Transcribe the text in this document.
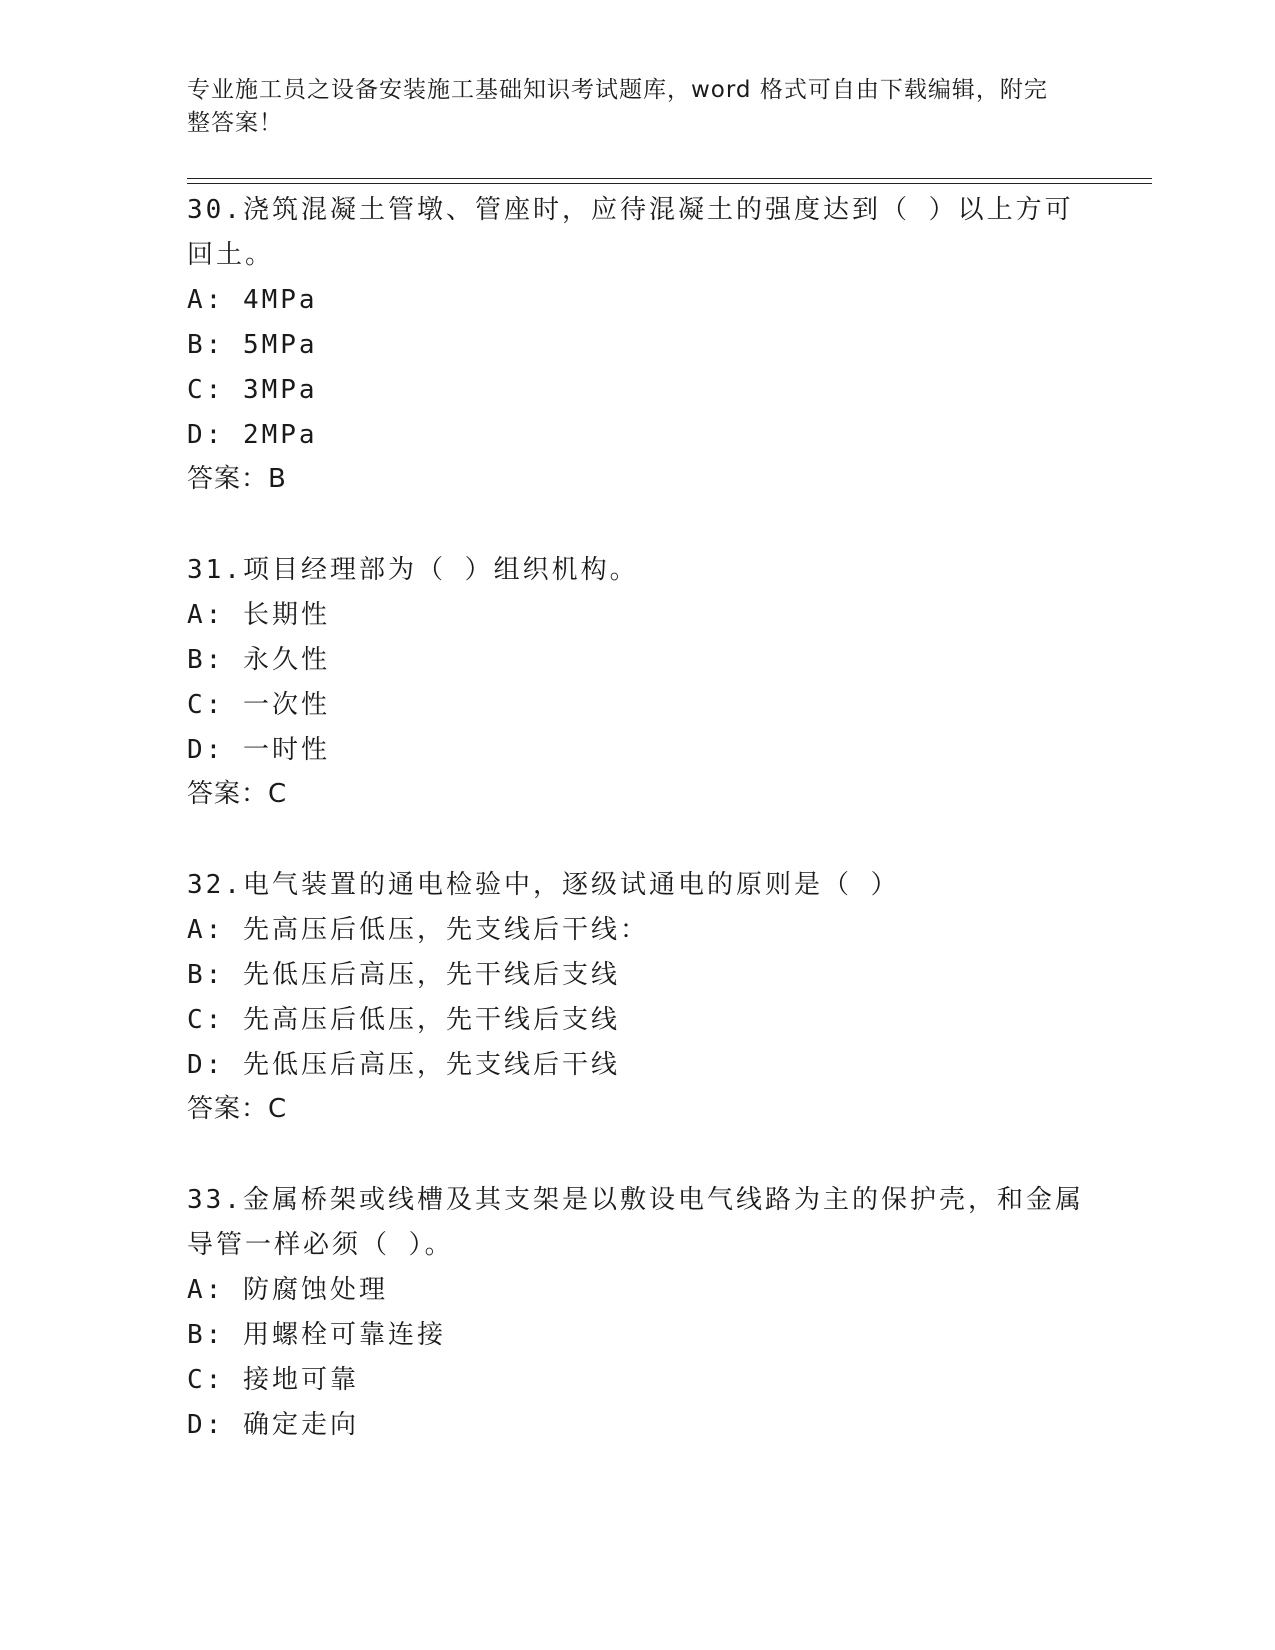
专业施工员之设备安装施工基础知识考试题库，word 格式可自由下载编辑，附完整答案！
30.浇筑混凝土管墩、管座时，应待混凝土的强度达到（ ）以上方可
回土。
A: 4MPa
B: 5MPa
C: 3MPa
D: 2MPa
答案：B
31.项目经理部为（ ）组织机构。
A: 长期性
B: 永久性
C: 一次性
D: 一时性
答案：C
32.电气装置的通电检验中，逐级试通电的原则是（ ）
A: 先高压后低压，先支线后干线：
B: 先低压后高压，先干线后支线
C: 先高压后低压，先干线后支线
D: 先低压后高压，先支线后干线
答案：C
33.金属桥架或线槽及其支架是以敷设电气线路为主的保护壳，和金属
导管一样必须（ ）。
A: 防腐蚀处理
B: 用螺栓可靠连接
C: 接地可靠
D: 确定走向
